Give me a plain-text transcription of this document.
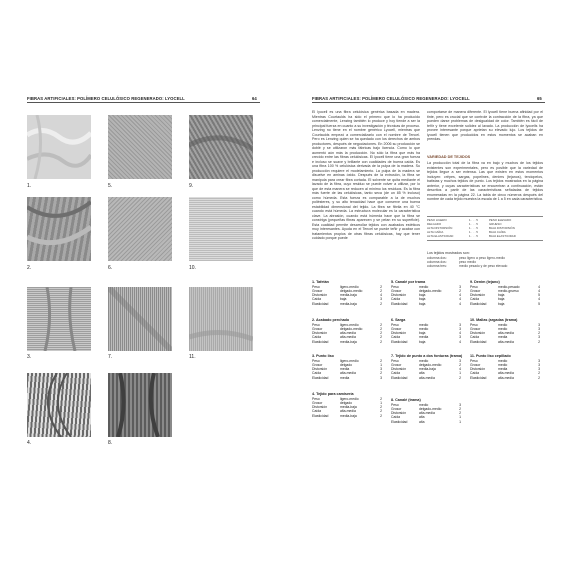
FIBRAS ARTIFICIALES: POLÍMERO CELULÓSICO REGENERADO: LYOCELL	64
1.
2.
3.
4.
5.
6.
7.
8.
9.
10.
11.
FIBRAS ARTIFICIALES: POLÍMERO CELULÓSICO REGENERADO: LYOCELL	65
El lyocell es una fibra celulósica genérica basada en madera. Mientras Courtaulds ha sido el primero que lo ha producido comercialmente, Lenzing también lo produce y hoy tiende a ser la principal fuerza en cuanto a su investigación y técnicas de proceso. Lenzing no tiene en el nombre genérico Lyocell, mientras que Courtaulds empezó a comercializarlo con el nombre de Tencel. Pero es Lenzing quien se ha quedado con los derechos de ambos productores, después de negociaciones. En 2006 su producción se doblé y se utilizaron más fábricas bajo licencia. Como lo que aumentó aún más la producción. No sólo la fibra que más ha crecido entre las fibras celulósicas. El lyocell tiene una gran fuerza e incluso se suave y brillante con cualidades de buena caída. Es una fibra 100 % celulósica derivada de la pulpa de la madera. Su producción requiere el modelamiento. La pulpa de la madera se disuelve en aminas óxido. Después de la extrusión, la fibra se manipula para crear fibra cortada. El solvente se quita mediante el lavado de la fibra, cuyo residuo se puede volver a utilizar, por lo que de esta manera se reducen al mínimo los residuos. Es la fibra más fuerte de las celulósicas, tanto seca (de un 85 % incluso) como húmeda. Esta fuerza es comparable a la de muchos poliésteres, y su alto tenacidad hace que conserve una buena estabilidad dimensional del tejido. La fibra se fibrila en 40 °C cuando está húmeda. La estructura molecular es la característica clave. La abrasión, cuando está húmeda hace que la fibra se constriga (pequeñas fibras aparecen y se pelan en su superficie). Esta cualidad permite desarrollar tejidos con acabados estéticos muy interesantes. Ayuda en el Tencel se puede teñir y acabar con tratamientos propios de otras fibras celulósicas, hay que tener cuidado porque puede
comportarse de manera diferente. El lyocell tiene buena afinidad por el tinte, pero es crucial que se controle la contracción de la fibra, ya que pueden darse problemas de desigualdad de color. También es fácil de teñir y tiene excelente solidez al lavado. La producción de lyocells ha provee interesante porque aprietan su elevado lujo. Los tejidos de lyocell tienen que producidos en estos momentos se acaban en prendas.
VARIEDAD DE TEJIDOS
La producción total de la fibra va en bajo y muchos de los tejidos existentes son experimentales, pero es posible que la variedad de tejidos llegue a ser extensa. Las que existen en estos momentos incluyen: crêpes, sargas, popelines, denims (tejanos), terciopelos, batistas y muchos tejidos de punto. Los tejidos mostrados en la página anterior, y cuyas características se encuentran a continuación, están descritos a partir de las características señaladas de tejidos enumeradas en la página 22. La tabla de cinco números después del nombre de cada tejido muestra la escala de 1 a 5 en cada característica.
PESO LIGERO	1 . . . 5	PESO ELEVADO
DELGADO	1 . . . 5	GRUESO
ALTA DISTORSIÓN	1 . . . 5	BAJA DISTORSIÓN
ALTA CAÍDA	1 . . . 5	BAJA CAÍDA
ALTA ELASTICIDAD	1 . . . 5	BAJA ELASTICIDAD
Los tejidos mostrados son:
columna dos:	peso ligero a peso ligero-medio
columna dos:	peso medio
columna tres:	medio pesado y de peso elevado
1. Tafetán
Peso	ligero-medio	2
Grosor	delgado-medio	2
Distorsión	media-baja	4
Caída	baja	3
Elasticidad	media-baja	2
2. Acabado perchado
Peso	ligero-medio	2
Grosor	delgado-medio	2
Distorsión	alta-media	2
Caída	alta-media	2
Elasticidad	media-baja	2
3. Punto liso
Peso	ligero-medio	2
Grosor	delgado	1
Distorsión	media	3
Caída	alta-media	2
Elasticidad	media	3
4. Tejido para camisería
Peso	ligero-medio	2
Grosor	delgado	1
Distorsión	media-baja	2
Caída	alta-media	2
Elasticidad	media-baja	2
5. Canalé por trama
Peso	medio	3
Grosor	delgado-medio	2
Distorsión	baja	4
Caída	baja	4
Elasticidad	baja	4
6. Sarga
Peso	medio	3
Grosor	medio	3
Distorsión	baja	4
Caída	media	3
Elasticidad	baja	4
7. Tejido de punto a dos fonturas (trama)
Peso	medio	3
Grosor	delgado-medio	2
Distorsión	media-baja	4
Caída	alta	1
Elasticidad	alta-media	2
8. Canalé (trama)
Peso	medio	3
Grosor	delgado-medio	2
Distorsión	alta-media	2
Caída	alta	1
Elasticidad	alta	1
9. Denim (tejano)
Peso	medio-pesado	4
Grosor	medio-grueso	4
Distorsión	baja	5
Caída	baja	4
Elasticidad	baja	5
10. Mallas (argadas (trama)
Peso	medio	3
Grosor	medio	3
Distorsión	alta-media	2
Caída	media	3
Elasticidad	alta-media	2
11. Punto liso cepillado
Peso	medio	3
Grosor	medio	3
Distorsión	media	3
Caída	alta-media	2
Elasticidad	alta-media	2
